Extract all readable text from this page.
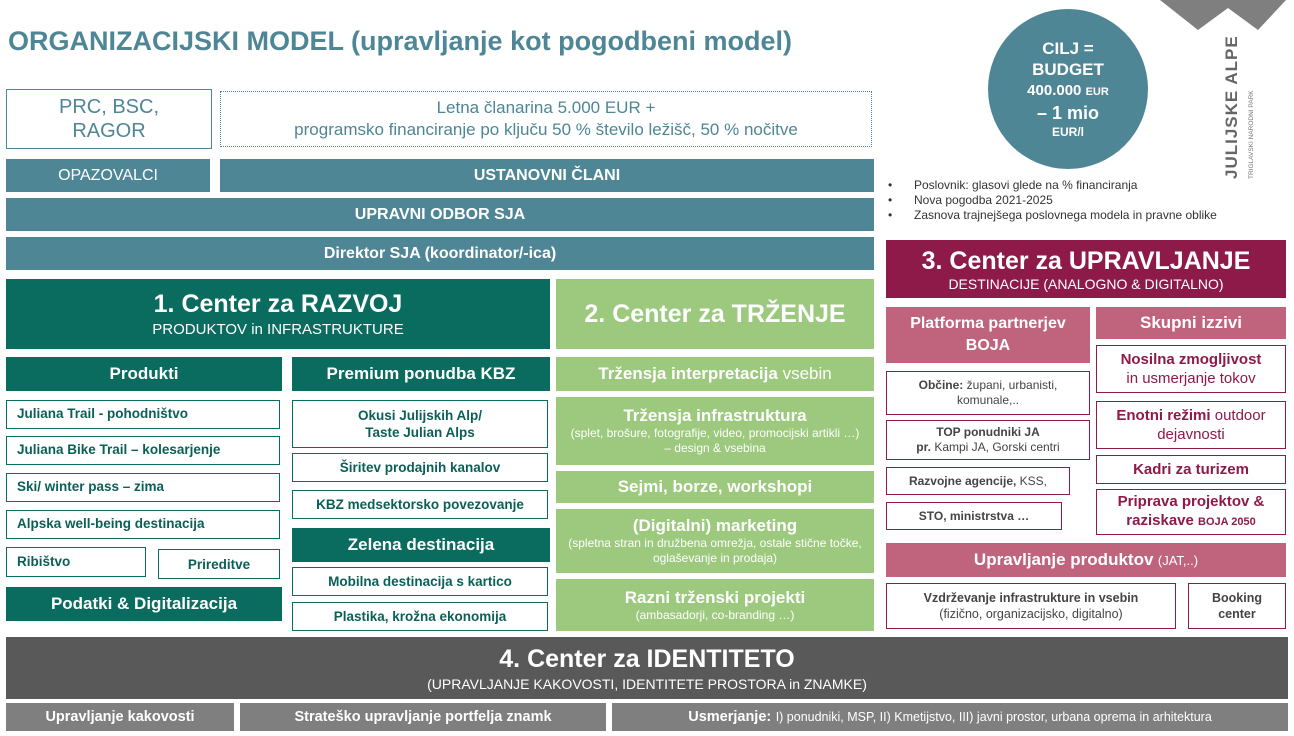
ORGANIZACIJSKI MODEL (upravljanje kot pogodbeni model)	JULIJSKE ALPE TRIGLAVSKI NARODNI PARK
CILJ =
BUDGET
400.000 EUR
– 1 mio
EUR/l
• Poslovnik: glasovi glede na % financiranja
• Nova pogodba 2021-2025
• Zasnova trajnejšega poslovnega modela in pravne oblike
PRC, BSC, RAGOR
Letna članarina 5.000 EUR +
programsko financiranje po ključu 50 % število ležišč, 50 % nočitve
OPAZOVALCI	USTANOVNI ČLANI
UPRAVNI ODBOR SJA
Direktor SJA (koordinator/-ica)
1. Center za RAZVOJ
PRODUKTOV in INFRASTRUKTURE
Produkti
Juliana Trail - pohodništvo
Juliana Bike Trail – kolesarjenje
Ski/ winter pass – zima
Alpska well-being destinacija
Ribištvo	Prireditve
Podatki & Digitalizacija
Premium ponudba KBZ
Okusi Julijskih Alp/
Taste Julian Alps
Širitev prodajnih kanalov
KBZ medsektorsko povezovanje
Zelena destinacija
Mobilna destinacija s kartico
Plastika, krožna ekonomija
2. Center za TRŽENJE
Tržensja interpretacija
vsebin
Tržensja infrastruktura
(splet, brošure, fotografije, video, promocijski artikli …) – design & vsebina
Sejmi, borze, workshopi
(Digitalni) marketing
(spletna stran in družbena omrežja, ostale stične točke, oglaševanje in prodaja)
Razni trženski projekti
(ambasadorji, co-branding …)
3. Center za UPRAVLJANJE
DESTINACIJE (ANALOGNO & DIGITALNO)
Platforma partnerjev BOJA
Občine: župani, urbanisti, komunale,..
TOP ponudniki JA
pr. Kampi JA, Gorski centri
Razvojne agencije,
KSS,
STO, ministrstva …
Skupni izzivi
Nosilna zmogljivost
in usmerjanje tokov
Enotni režimi outdoor dejavnosti
Kadri za turizem
Priprava projektov & raziskave BOJA 2050
Upravljanje produktov
(JAT,..)
Vzdrževanje infrastrukture in vsebin
(fizično, organizacijsko, digitalno)
Booking center
4. Center za IDENTITETO
(UPRAVLJANJE KAKOVOSTI, IDENTITETE PROSTORA in ZNAMKE)
Upravljanje kakovosti	Strateško upravljanje portfelja znamk	Usmerjanje:
I) ponudniki, MSP, II) Kmetijstvo, III) javni prostor, urbana oprema in arhitektura
